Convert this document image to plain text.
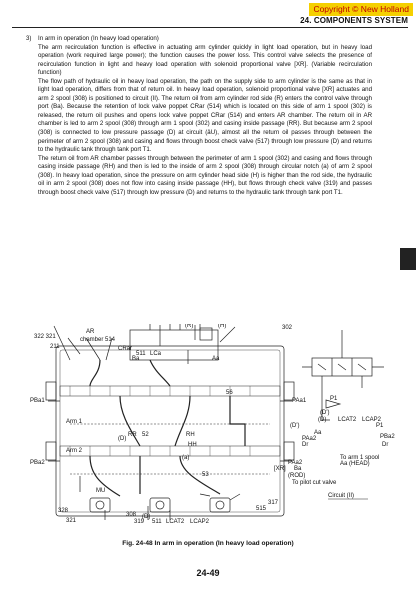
Copyright © New Holland
24. COMPONENTS SYSTEM
3) In arm in operation (In heavy load operation)

The arm recirculation function is effective in actuating arm cylinder quickly in light load operation, but in heavy load operation (work required large power); the function causes the power loss. This control valve selects the presence of recirculation function in light and heavy load operation with solenoid proportional valve [XR]. (Variable recirculation function)

The flow path of hydraulic oil in heavy load operation, the path on the supply side to arm cylinder is the same as that in light load operation, differs from that of return oil. In heavy load operation, solenoid proportional valve [XR] actuates and arm 2 spool (308) is positioned to circuit (II). The return oil from arm cylinder rod side (R) enters the control valve through port (Ba). Because the retention of lock valve poppet CRar (514) which is located on this side of arm 1 spool (302) is released, the return oil pushes and opens lock valve poppet CRar (514) and enters AR chamber. The return oil in AR chamber is led to arm 2 spool (308) through arm 1 spool (302) and casing inside passage (RR). But because arm 2 spool (308) is connected to low pressure passage (D) at circuit (âU), almost all the return oil passes through between the perimeter of arm 2 spool (308) and casing and flows through boost check valve (517) through low pressure (D) and returns to the hydraulic tank through tank port T1.

The return oil from AR chamber passes through between the perimeter of arm 1 spool (302) and casing and flows through casing inside passage (RH) and then is led to the inside of arm 2 spool (308) through circular notch (a) of arm 2 spool (308). In heavy load operation, since the pressure on arm cylinder head side (H) is higher than the rod side, the hydraulic oil in arm 2 spool (308) does not flow into casing inside passage (HH), but flows through check valve (319) and passes through boost check valve (517) through low pressure (D) and returns to the hydraulic tank through tank port T1.

(R)	(H)	302
AR
chamber 514
322 321
211	CRar
511 LCa
Ba	Aa
56
PBa1	PAa1	P1
Arm 1
(D')
(D')
(D) LCAT2 LCAP2
P1
Aa
PAa2
Dr
PBa2
Dr
(D)
RR 52	RH
HH
Arm 2
(a)
PBa2	PAa2
[XR] Ba
(ROD)
53
To arm 1 spool
Aa (HEAD)
MU
To pilot cut valve
Circuit (II)
317
515
328
308 (D)
321	319 511 LCAT2 LCAP2
Fig. 24-48 In arm in operation (In heavy load operation)
24-49
